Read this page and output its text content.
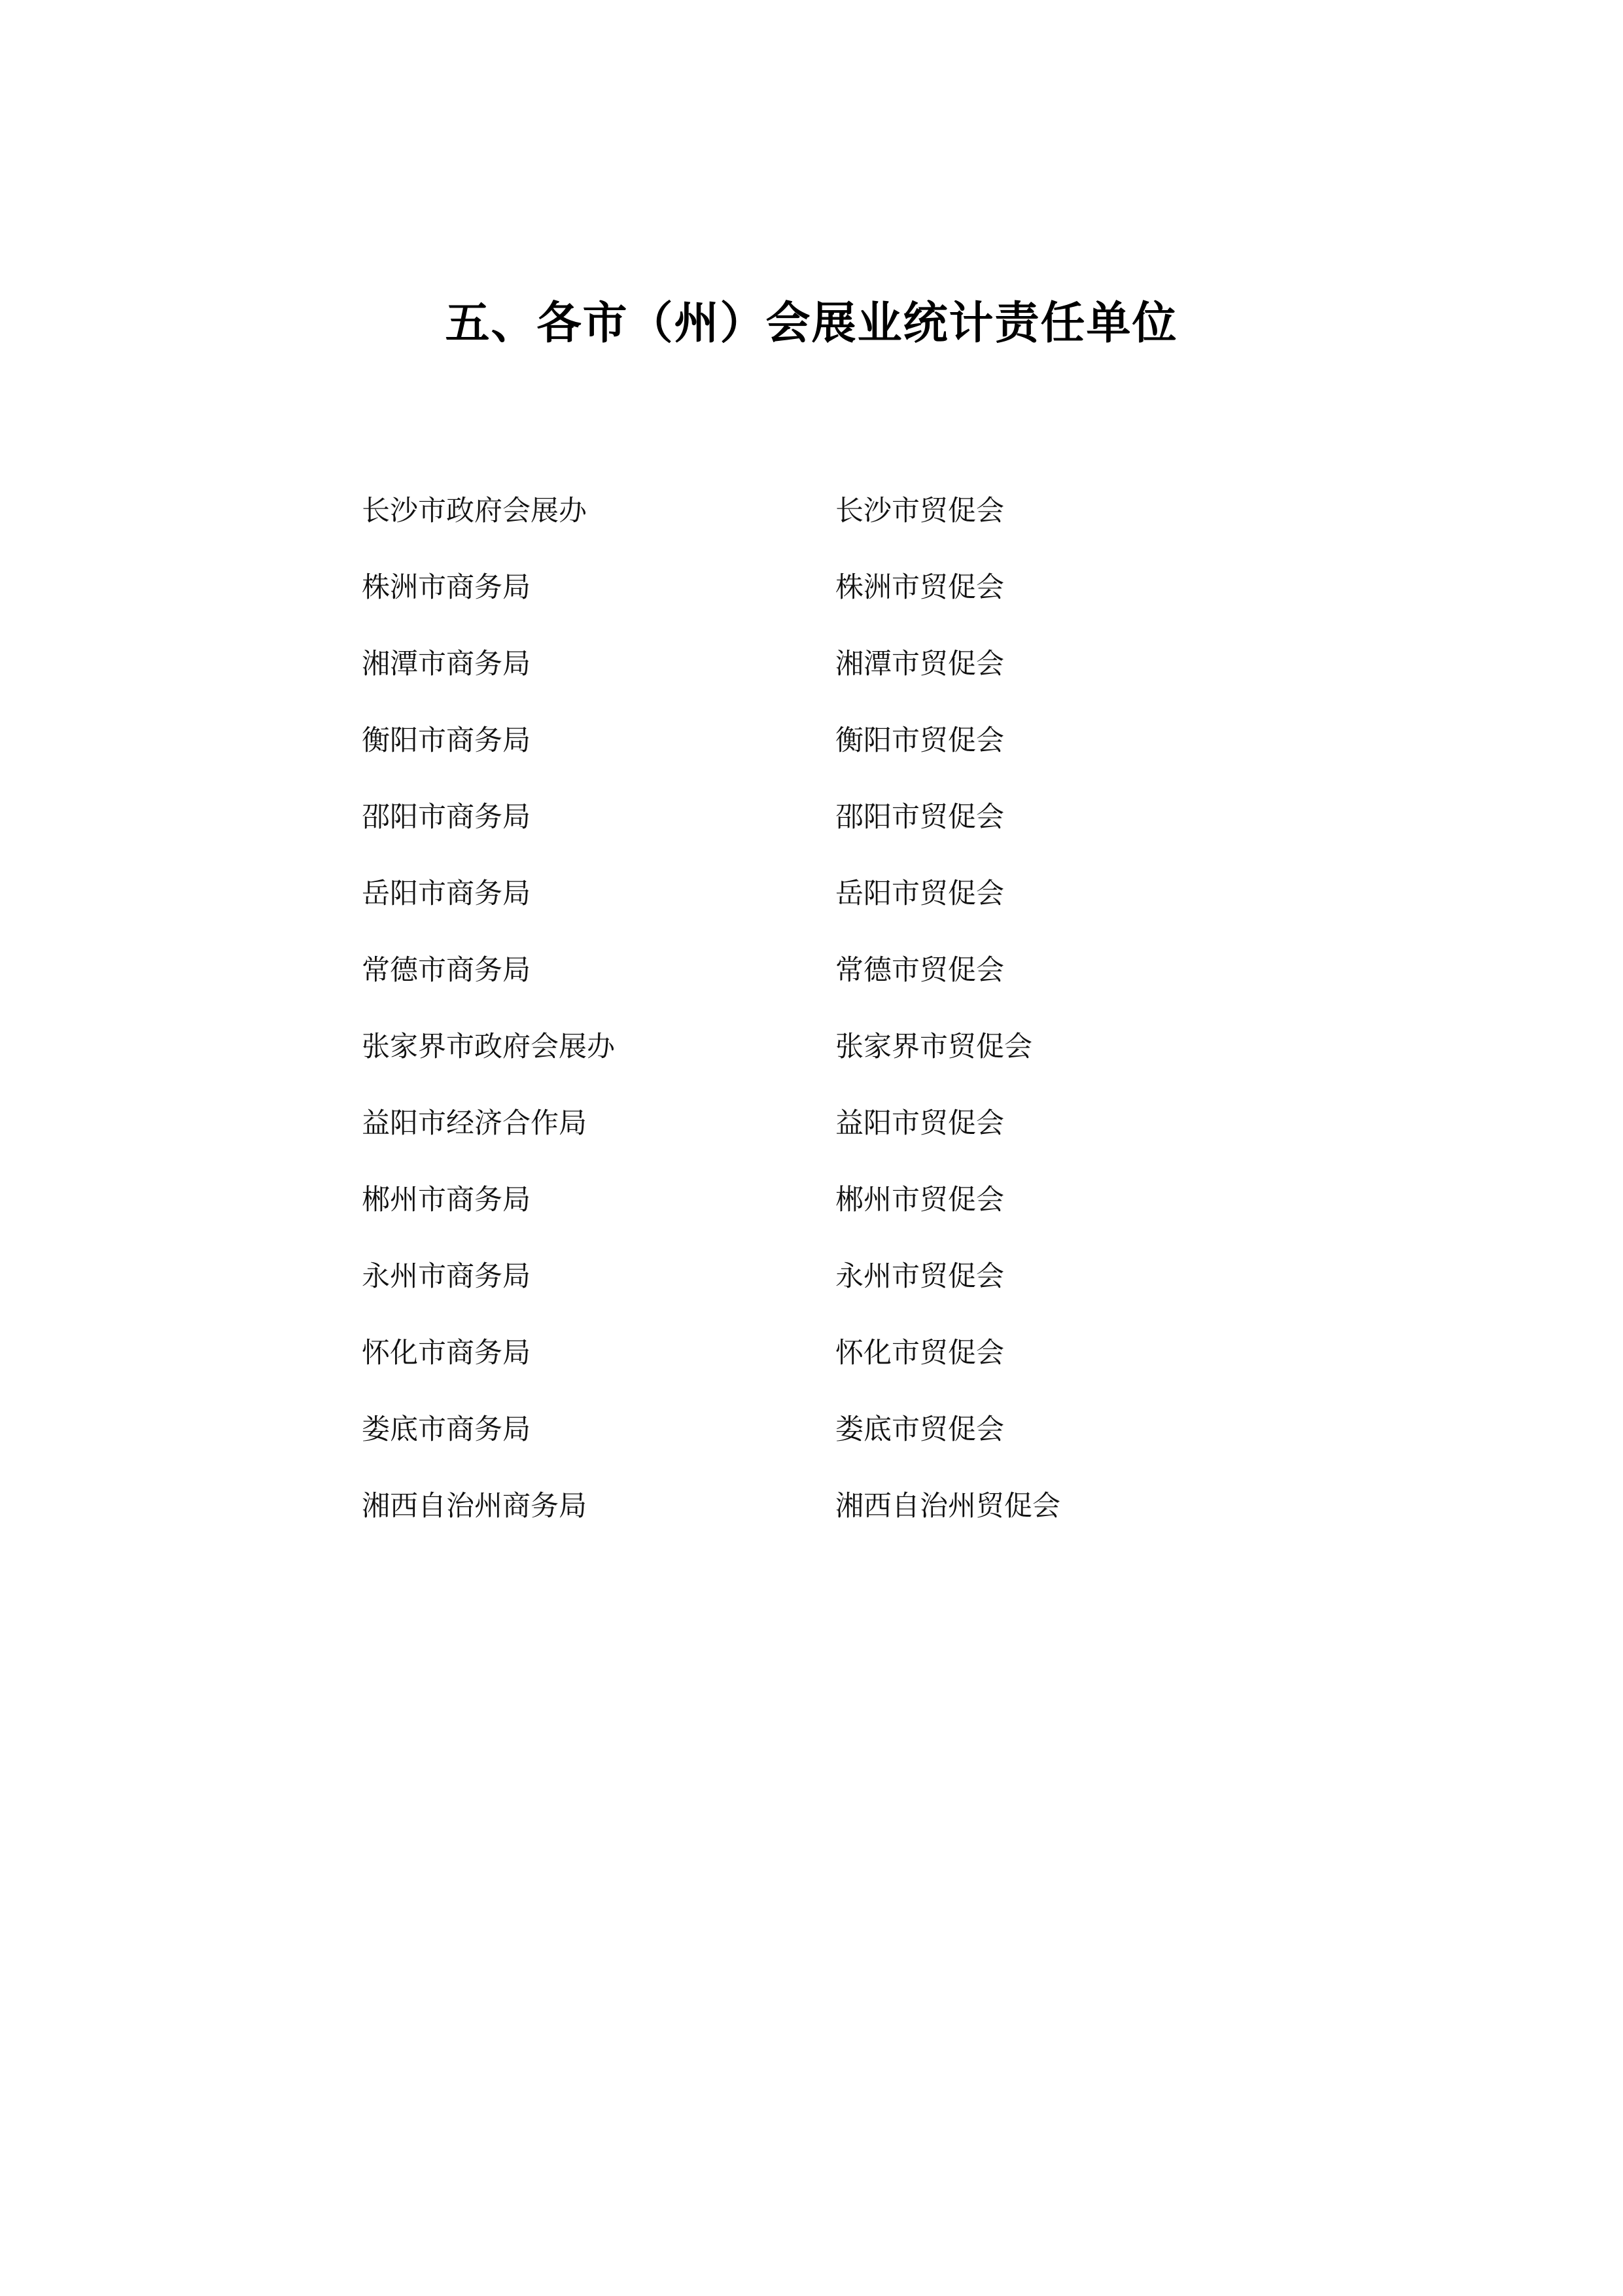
五、各市（州）会展业统计责任单位
长沙市政府会展办	长沙市贸促会
株洲市商务局	株洲市贸促会
湘潭市商务局	湘潭市贸促会
衡阳市商务局	衡阳市贸促会
邵阳市商务局	邵阳市贸促会
岳阳市商务局	岳阳市贸促会
常德市商务局	常德市贸促会
张家界市政府会展办	张家界市贸促会
益阳市经济合作局	益阳市贸促会
郴州市商务局	郴州市贸促会
永州市商务局	永州市贸促会
怀化市商务局	怀化市贸促会
娄底市商务局	娄底市贸促会
湘西自治州商务局	湘西自治州贸促会
